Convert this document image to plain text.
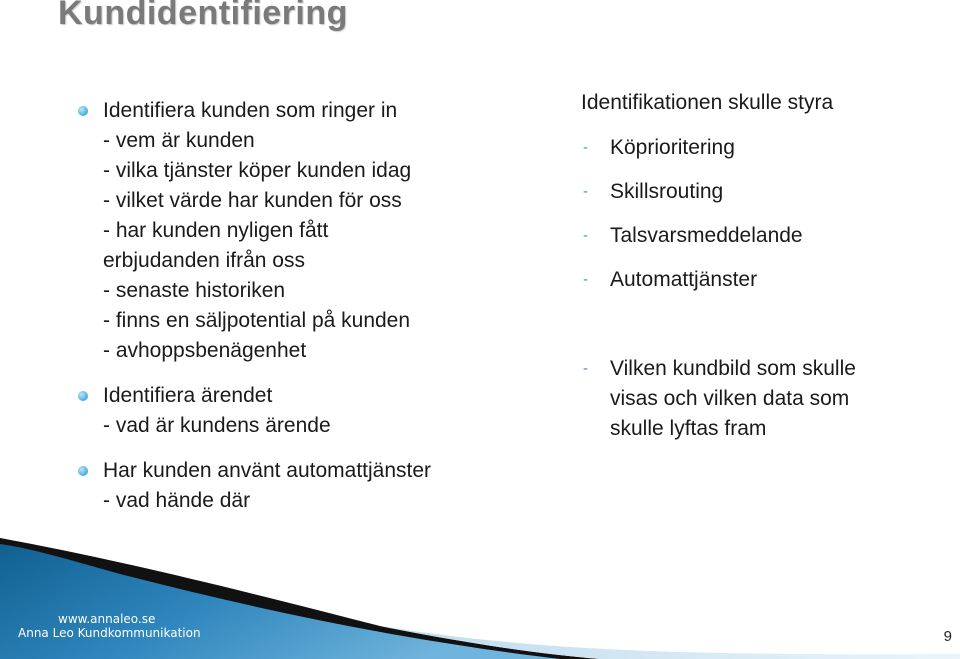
Kundidentifiering
Identifiera kunden som ringer in
- vem är kunden
- vilka tjänster köper kunden idag
- vilket värde har kunden för oss
- har kunden nyligen fått
erbjudanden ifrån oss
- senaste historiken
- finns en säljpotential på kunden
- avhoppsbenägenhet
Identifiera ärendet
- vad är kundens ärende
Har kunden använt automattjänster
- vad hände där
Identifikationen skulle styra
- Köprioritering
- Skillsrouting
- Talsvarsmeddelande
- Automattjänster
- Vilken kundbild som skulle
visas och vilken data som
skulle lyftas fram
www.annaleo.se
Anna Leo Kundkommunikation	9
